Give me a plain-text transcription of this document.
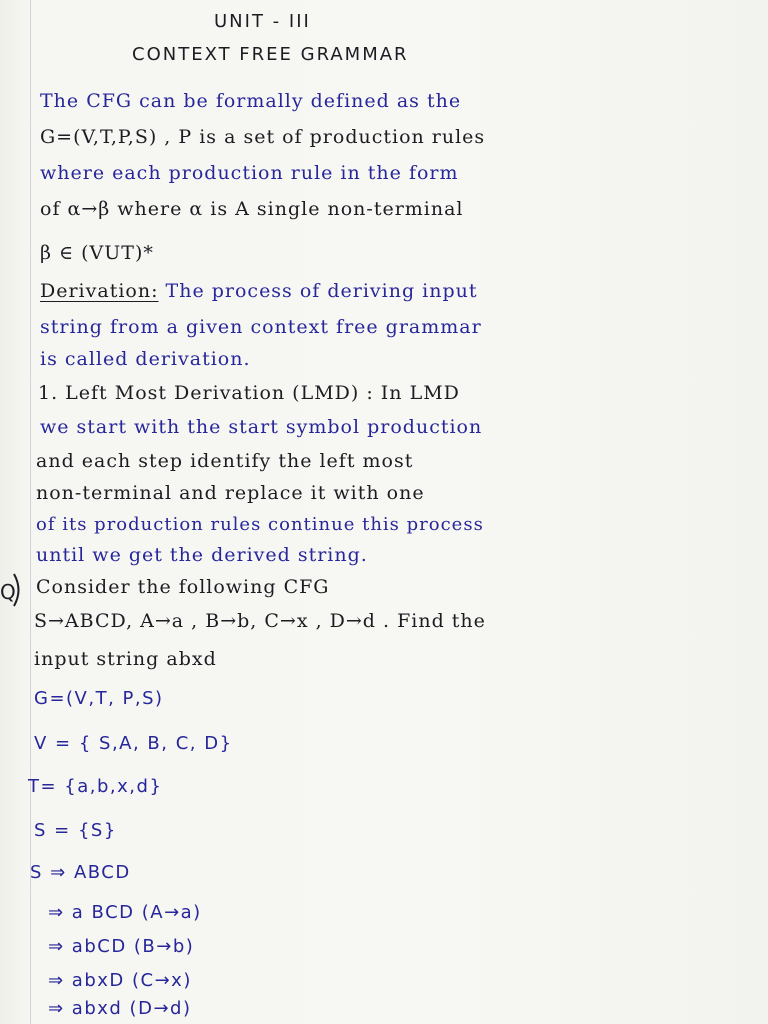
UNIT - III
CONTEXT FREE GRAMMAR
The CFG can be formally defined as the
G=(V,T,P,S) , P is a set of production rules
where each production rule in the form
of α→β where α is A single non-terminal
β ∈ (VUT)*
Derivation: The process of deriving input
string from a given context free grammar
is called derivation.
1. Left Most Derivation (LMD) : In LMD
we start with the start symbol production
and each step identify the left most
non-terminal and replace it with one
of its production rules continue this process
until we get the derived string.
Q Consider the following CFG
S→ABCD, A→a , B→b, C→x , D→d . Find the
input string abxd
G=(V,T, P,S)
V = { S,A, B, C, D}
T= {a,b,x,d}
S = {S}
S ⇒ ABCD
⇒ a BCD (A→a)
⇒ abCD (B→b)
⇒ abxD (C→x)
⇒ abxd (D→d)
